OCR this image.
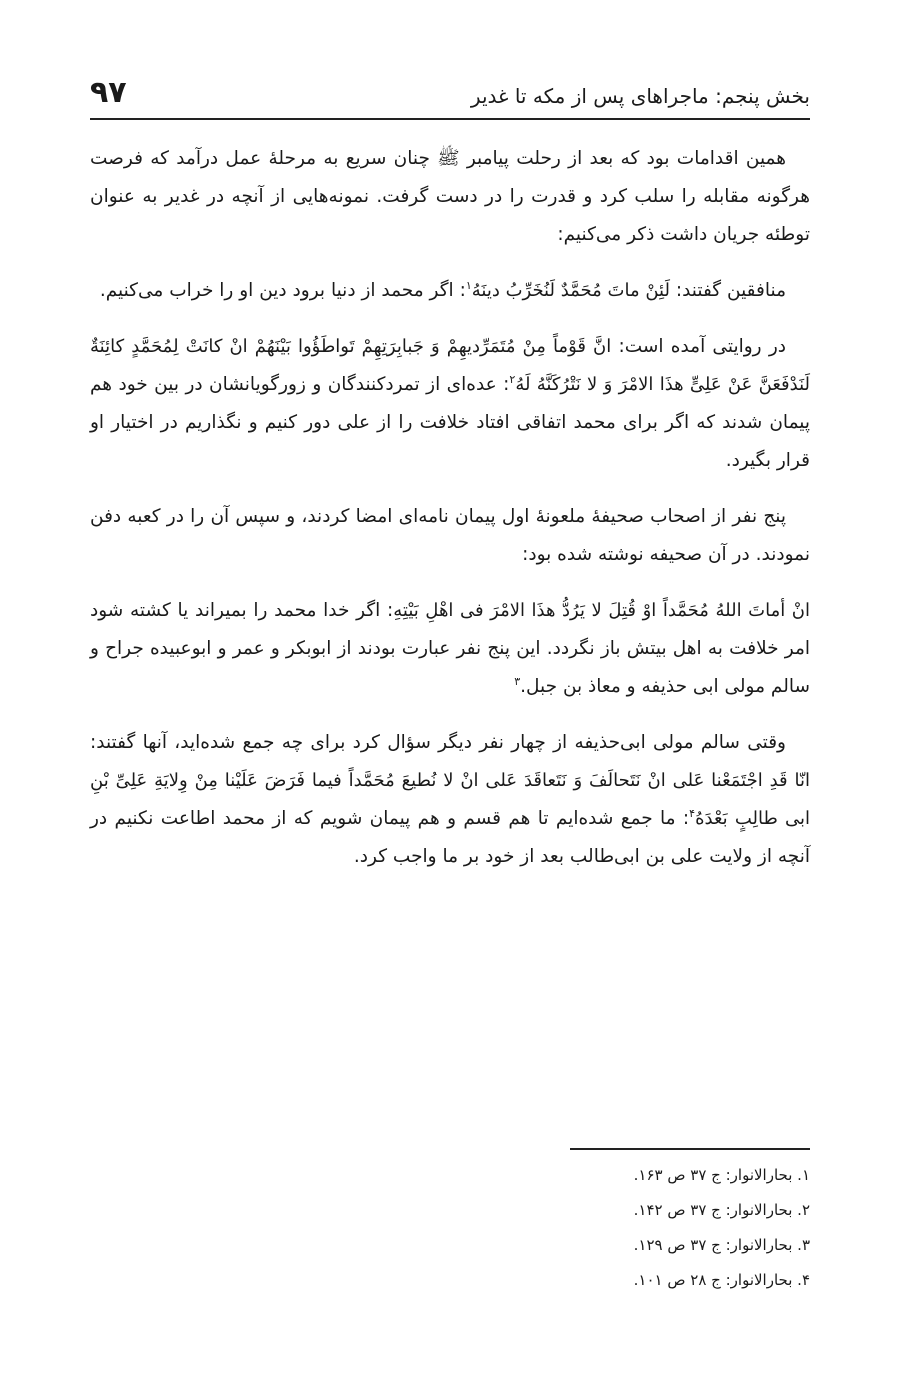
بخش پنجم: ماجراهای پس از مکه تا غدیر
۹۷

همین اقدامات بود که بعد از رحلت پیامبر ﷺ چنان سریع به مرحلهٔ عمل درآمد که فرصت هرگونه مقابله را سلب کرد و قدرت را در دست گرفت. نمونه‌هایی از آنچه در غدیر به عنوان توطئه جریان داشت ذکر می‌کنیم:

منافقین گفتند: لَئِنْ ماتَ مُحَمَّدٌ لَنُخَرِّبُ دینَهُ$^۱$: اگر محمد از دنیا برود دین او را خراب می‌کنیم.

در روایتی آمده است: انَّ قَوْماً مِنْ مُتَمَرِّدیهِمْ وَ جَبابِرَتِهِمْ تَواطَؤُوا بَیْنَهُمْ انْ کانَتْ لِمُحَمَّدٍ کائِنَةٌ لَنَدْفَعَنَّ عَنْ عَلِیٍّ هذَا الامْرَ وَ لا نَتْرُکَنَّهُ لَهُ$^۲$: عده‌ای از تمردکنندگان و زورگویانشان در بین خود هم پیمان شدند که اگر برای محمد اتفاقی افتاد خلافت را از علی دور کنیم و نگذاریم در اختیار او قرار بگیرد.

پنج نفر از اصحاب صحیفهٔ ملعونهٔ اول پیمان نامه‌ای امضا کردند، و سپس آن را در کعبه دفن نمودند. در آن صحیفه نوشته شده بود:

انْ أماتَ اللهُ مُحَمَّداً اوْ قُتِلَ لا یَرُدُّ هذَا الامْرَ فی اهْلِ بَیْتِهِ: اگر خدا محمد را بمیراند یا کشته شود امر خلافت به اهل بیتش باز نگردد. این پنج نفر عبارت بودند از ابوبکر و عمر و ابوعبیده جراح و سالم مولی ابی حذیفه و معاذ بن جبل.$^۳$

وقتی سالم مولی ابی‌حذیفه از چهار نفر دیگر سؤال کرد برای چه جمع شده‌اید، آنها گفتند: انّا قَدِ اجْتَمَعْنا عَلی انْ نَتَحالَفَ وَ نَتَعاقَدَ عَلی انْ لا نُطیعَ مُحَمَّداً فیما فَرَضَ عَلَیْنا مِنْ وِلایَةِ عَلِیِّ بْنِ ابی طالِبٍ بَعْدَهُ$^۴$: ما جمع شده‌ایم تا هم قسم و هم پیمان شویم که از محمد اطاعت نکنیم در آنچه از ولایت علی بن ابی‌طالب بعد از خود بر ما واجب کرد.

۱. بحارالانوار: ج ۳۷ ص ۱۶۳.
۲. بحارالانوار: ج ۳۷ ص ۱۴۲.
۳. بحارالانوار: ج ۳۷ ص ۱۲۹.
۴. بحارالانوار: ج ۲۸ ص ۱۰۱.
